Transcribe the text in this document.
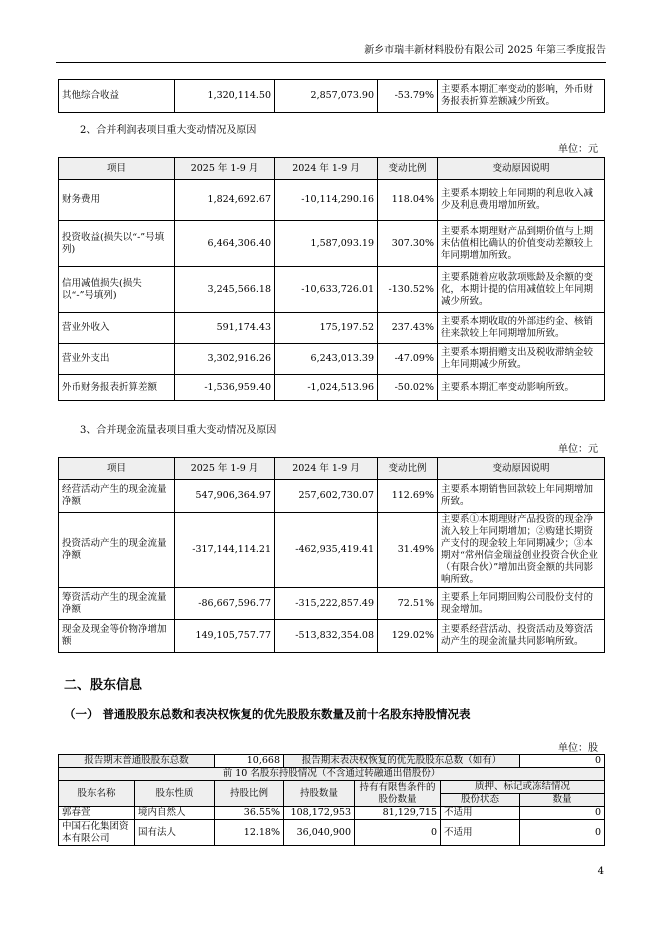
新乡市瑞丰新材料股份有限公司 2025 年第三季度报告
其他综合收益	1,320,114.50	2,857,073.90	-53.79%	主要系本期汇率变动的影响，外币财务报表折算差额减少所致。
2、合并利润表项目重大变动情况及原因
单位：元
项目	2025 年 1-9 月	2024 年 1-9 月	变动比例	变动原因说明
财务费用	1,824,692.67	-10,114,290.16	118.04%	主要系本期较上年同期的利息收入减少及利息费用增加所致。
投资收益(损失以“-”号填列)	6,464,306.40	1,587,093.19	307.30%	主要系本期理财产品到期价值与上期末估值相比确认的价值变动差额较上年同期增加所致。
信用减值损失(损失以“-”号填列)	3,245,566.18	-10,633,726.01	-130.52%	主要系随着应收款项账龄及余额的变化，本期计提的信用减值较上年同期减少所致。
营业外收入	591,174.43	175,197.52	237.43%	主要系本期收取的外部违约金、核销往来款较上年同期增加所致。
营业外支出	3,302,916.26	6,243,013.39	-47.09%	主要系本期捐赠支出及税收滞纳金较上年同期减少所致。
外币财务报表折算差额	-1,536,959.40	-1,024,513.96	-50.02%	主要系本期汇率变动影响所致。
3、合并现金流量表项目重大变动情况及原因
单位：元
项目	2025 年 1-9 月	2024 年 1-9 月	变动比例	变动原因说明
经营活动产生的现金流量净额	547,906,364.97	257,602,730.07	112.69%	主要系本期销售回款较上年同期增加所致。
投资活动产生的现金流量净额	-317,144,114.21	-462,935,419.41	31.49%	主要系①本期理财产品投资的现金净流入较上年同期增加；②购建长期资产支付的现金较上年同期减少；③本期对“常州信金瑞益创业投资合伙企业（有限合伙）”增加出资金额的共同影响所致。
筹资活动产生的现金流量净额	-86,667,596.77	-315,222,857.49	72.51%	主要系上年同期回购公司股份支付的现金增加。
现金及现金等价物净增加额	149,105,757.77	-513,832,354.08	129.02%	主要系经营活动、投资活动及筹资活动产生的现金流量共同影响所致。
二、股东信息
（一） 普通股股东总数和表决权恢复的优先股股东数量及前十名股东持股情况表
单位：股
报告期末普通股股东总数		10,668	报告期末表决权恢复的优先股股东总数（如有）			0
前 10 名股东持股情况（不含通过转融通出借股份）						
股东名称	股东性质	持股比例	持股数量	持有有限售条件的股份数量	质押、标记或冻结情况	
					股份状态	数量
郭春萱	境内自然人	36.55%	108,172,953	81,129,715	不适用	0
中国石化集团资本有限公司	国有法人	12.18%	36,040,900	0	不适用	0
4
